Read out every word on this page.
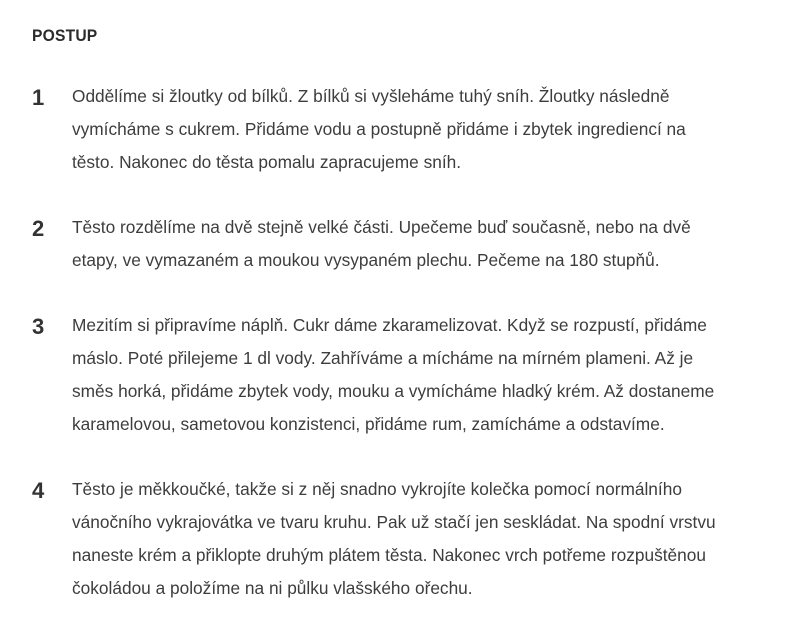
POSTUP
1	Oddělíme si žloutky od bílků. Z bílků si vyšleháme tuhý sníh. Žloutky následně
vymícháme s cukrem. Přidáme vodu a postupně přidáme i zbytek ingrediencí na
těsto. Nakonec do těsta pomalu zapracujeme sníh.
2	Těsto rozdělíme na dvě stejně velké části. Upečeme buď současně, nebo na dvě
etapy, ve vymazaném a moukou vysypaném plechu. Pečeme na 180 stupňů.
3	Mezitím si připravíme náplň. Cukr dáme zkaramelizovat. Když se rozpustí, přidáme
máslo. Poté přilejeme 1 dl vody. Zahříváme a mícháme na mírném plameni. Až je
směs horká, přidáme zbytek vody, mouku a vymícháme hladký krém. Až dostaneme
karamelovou, sametovou konzistenci, přidáme rum, zamícháme a odstavíme.
4	Těsto je měkkoučké, takže si z něj snadno vykrojíte kolečka pomocí normálního
vánočního vykrajovátka ve tvaru kruhu. Pak už stačí jen seskládat. Na spodní vrstvu
naneste krém a přiklopte druhým plátem těsta. Nakonec vrch potřeme rozpuštěnou
čokoládou a položíme na ni půlku vlašského ořechu.
